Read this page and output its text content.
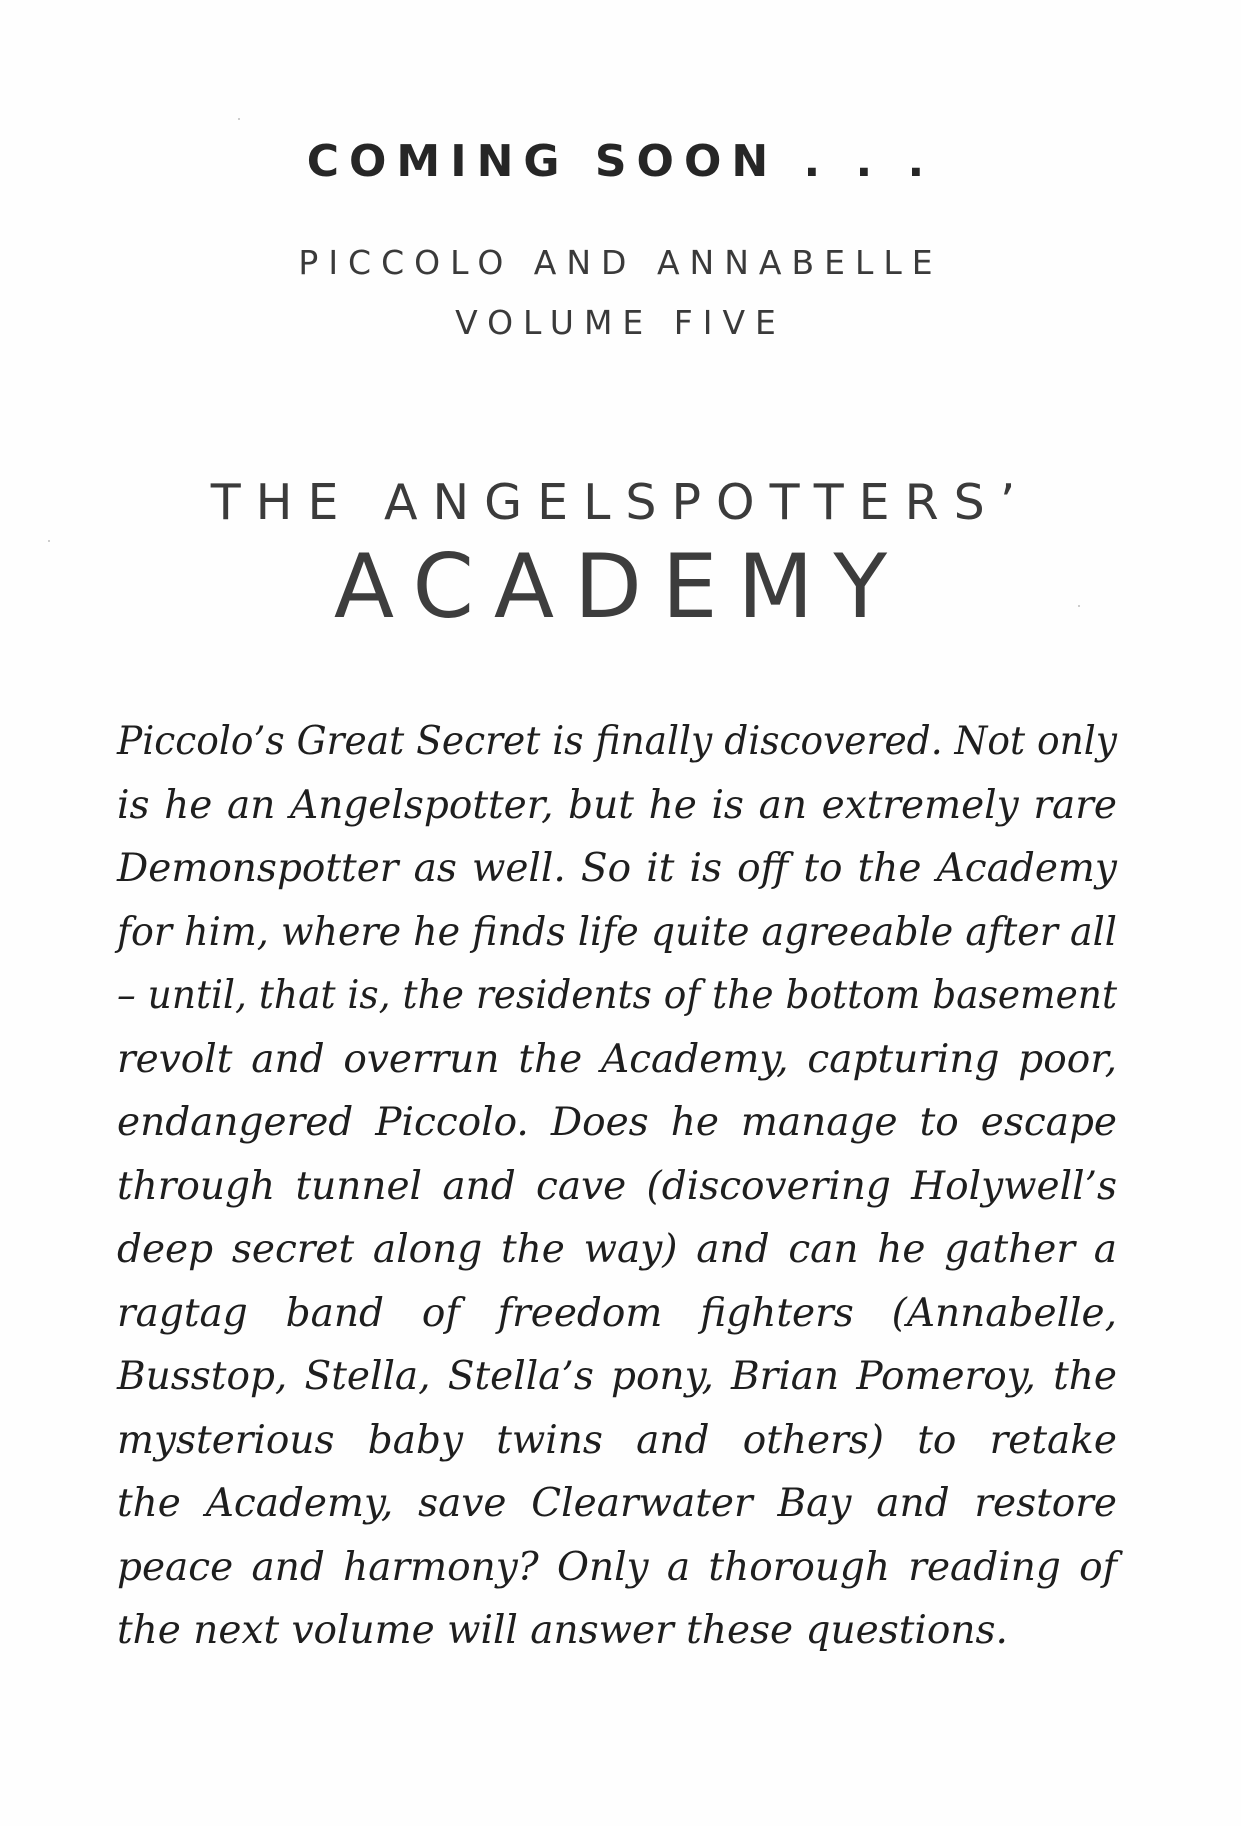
COMING SOON . . .
PICCOLO AND ANNABELLE
VOLUME FIVE
THE ANGELSPOTTERS’
ACADEMY
Piccolo’s Great Secret is finally discovered. Not only
is he an Angelspotter, but he is an extremely rare
Demonspotter as well. So it is off to the Academy
for him, where he finds life quite agreeable after all
– until, that is, the residents of the bottom basement
revolt and overrun the Academy, capturing poor,
endangered Piccolo. Does he manage to escape
through tunnel and cave (discovering Holywell’s
deep secret along the way) and can he gather a
ragtag band of freedom fighters (Annabelle,
Busstop, Stella, Stella’s pony, Brian Pomeroy, the
mysterious baby twins and others) to retake
the Academy, save Clearwater Bay and restore
peace and harmony? Only a thorough reading of
the next volume will answer these questions.
